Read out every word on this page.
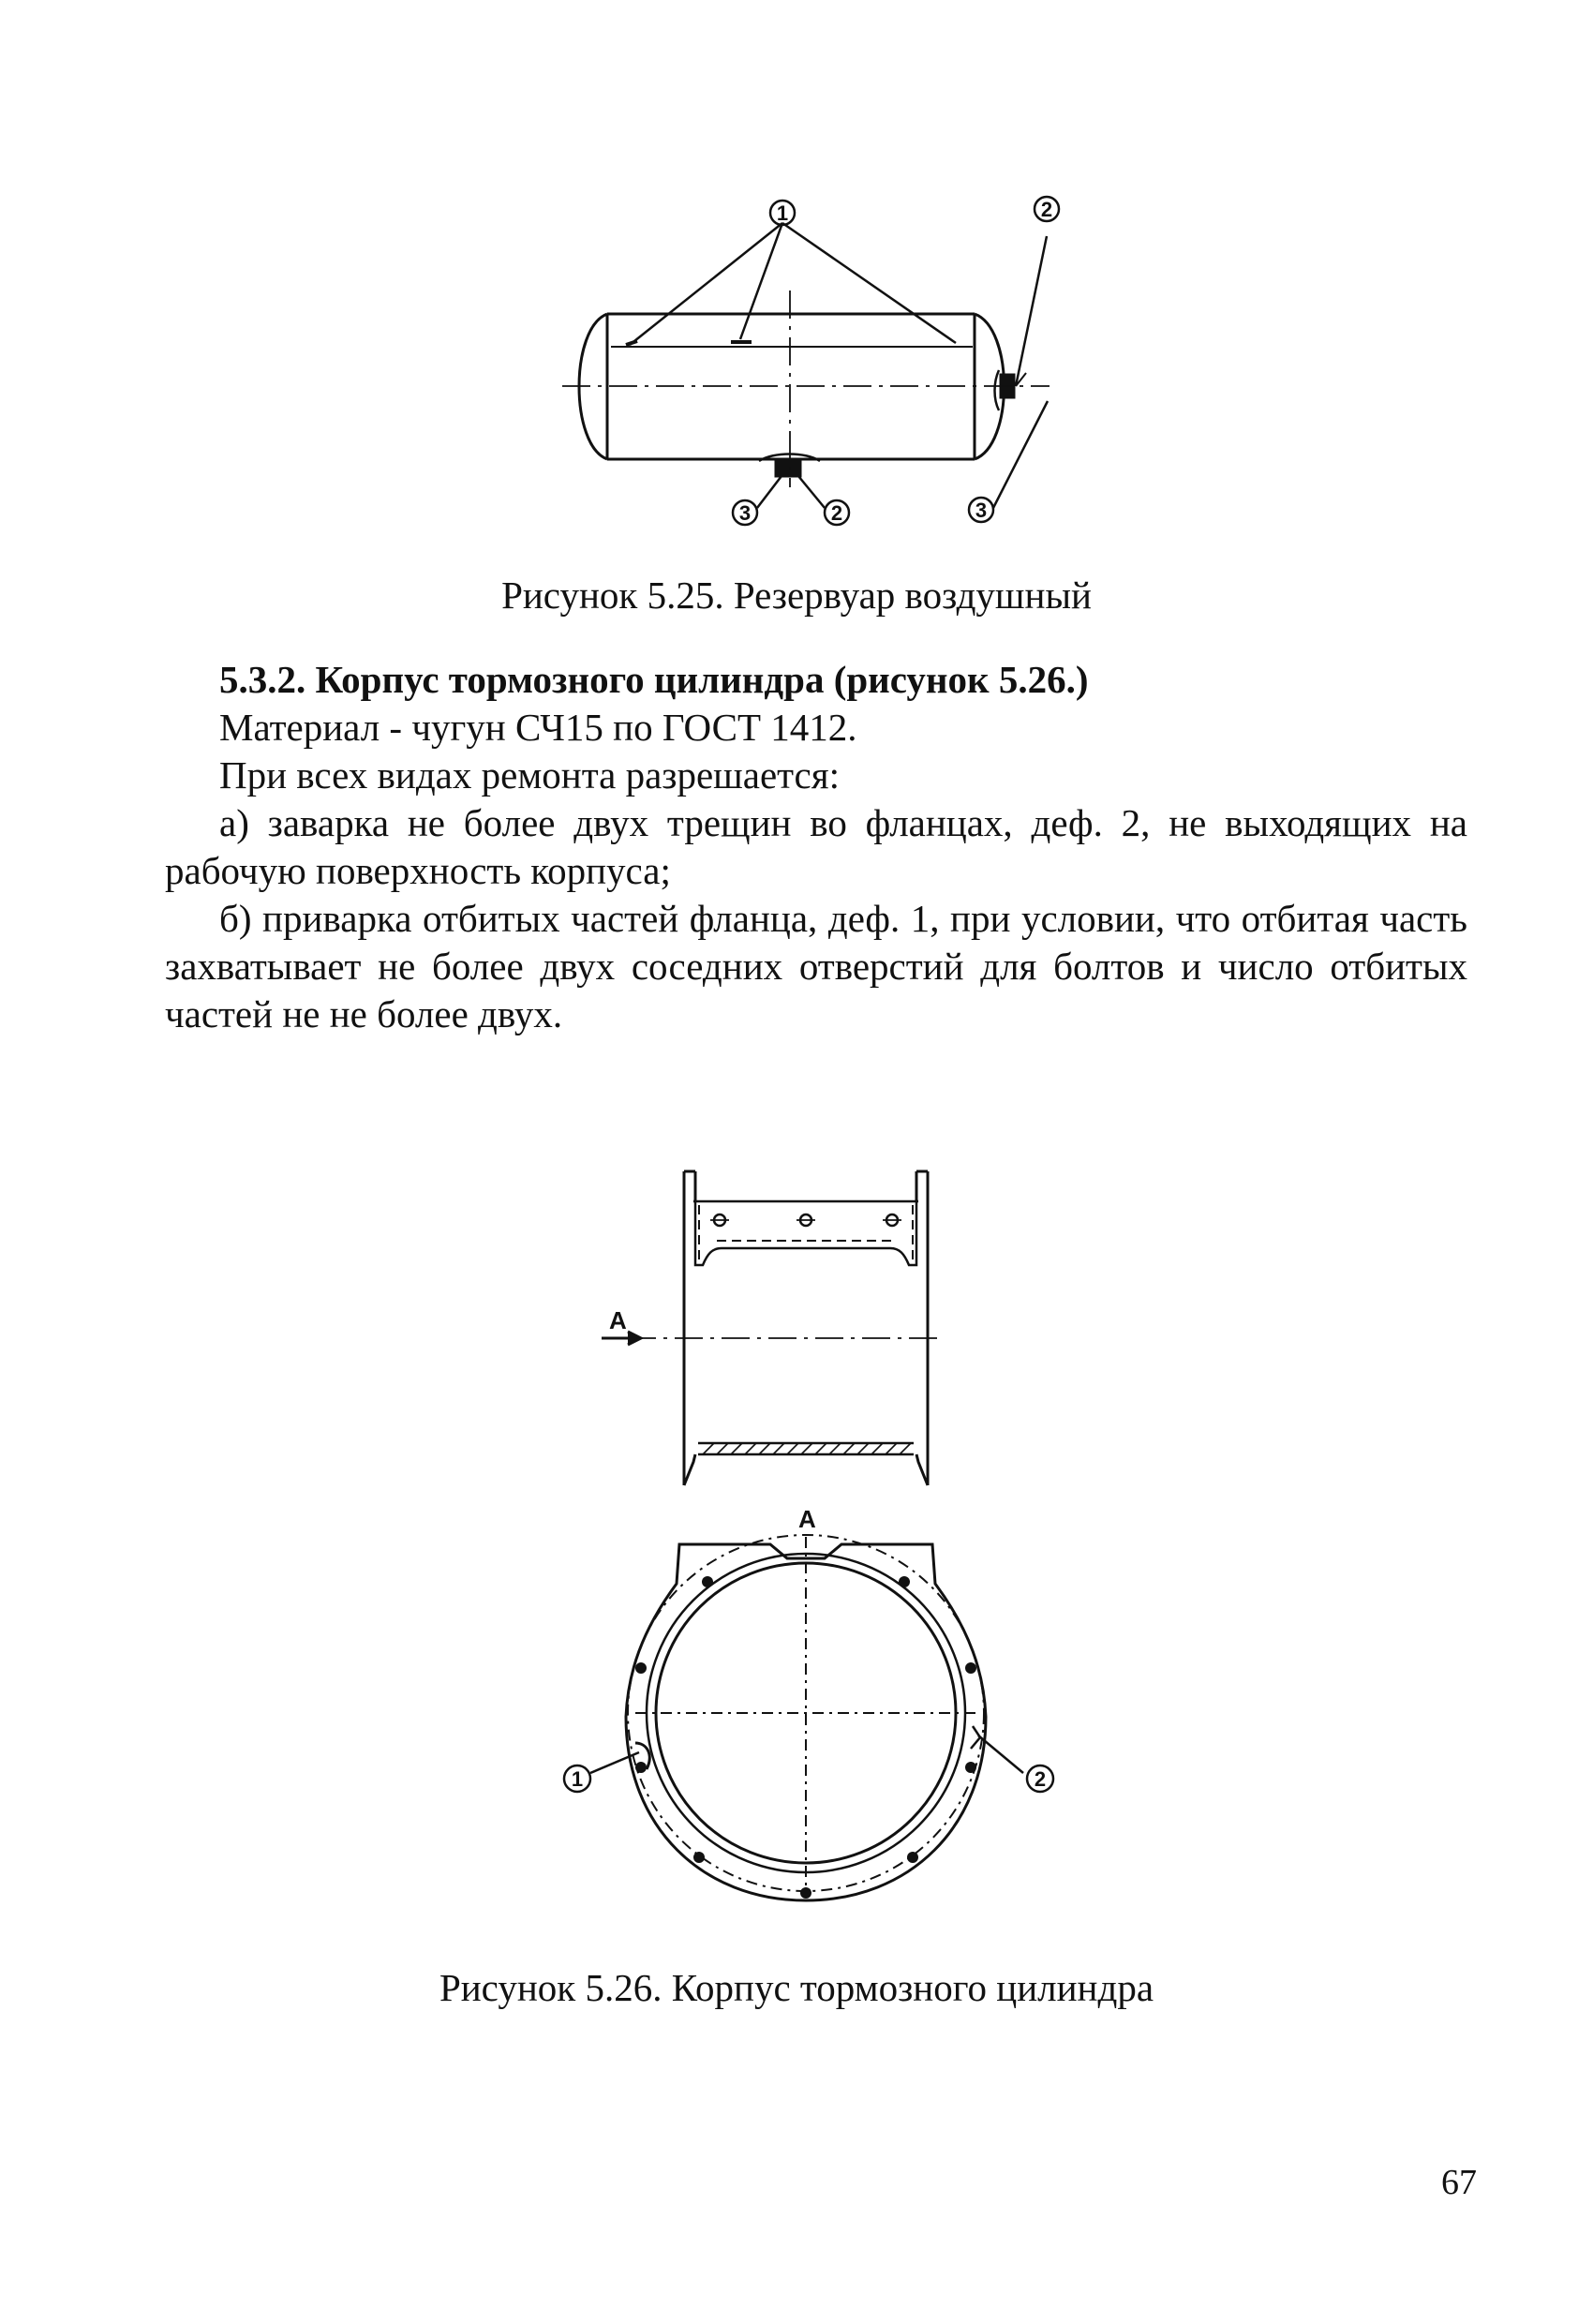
1	2
3	2	3
Рисунок 5.25. Резервуар воздушный

5.3.2. Корпус тормозного цилиндра (рисунок 5.26.)

Материал - чугун СЧ15 по ГОСТ 1412.

При всех видах ремонта разрешается:

а) заварка не более двух трещин во фланцах, деф. 2, не выходящих на рабочую поверхность корпуса;

б) приварка отбитых частей фланца, деф. 1, при условии, что отбитая часть захватывает не более двух соседних отверстий для болтов и число отбитых частей не не более двух.

А
А
1	2
Рисунок 5.26. Корпус тормозного цилиндра
67
